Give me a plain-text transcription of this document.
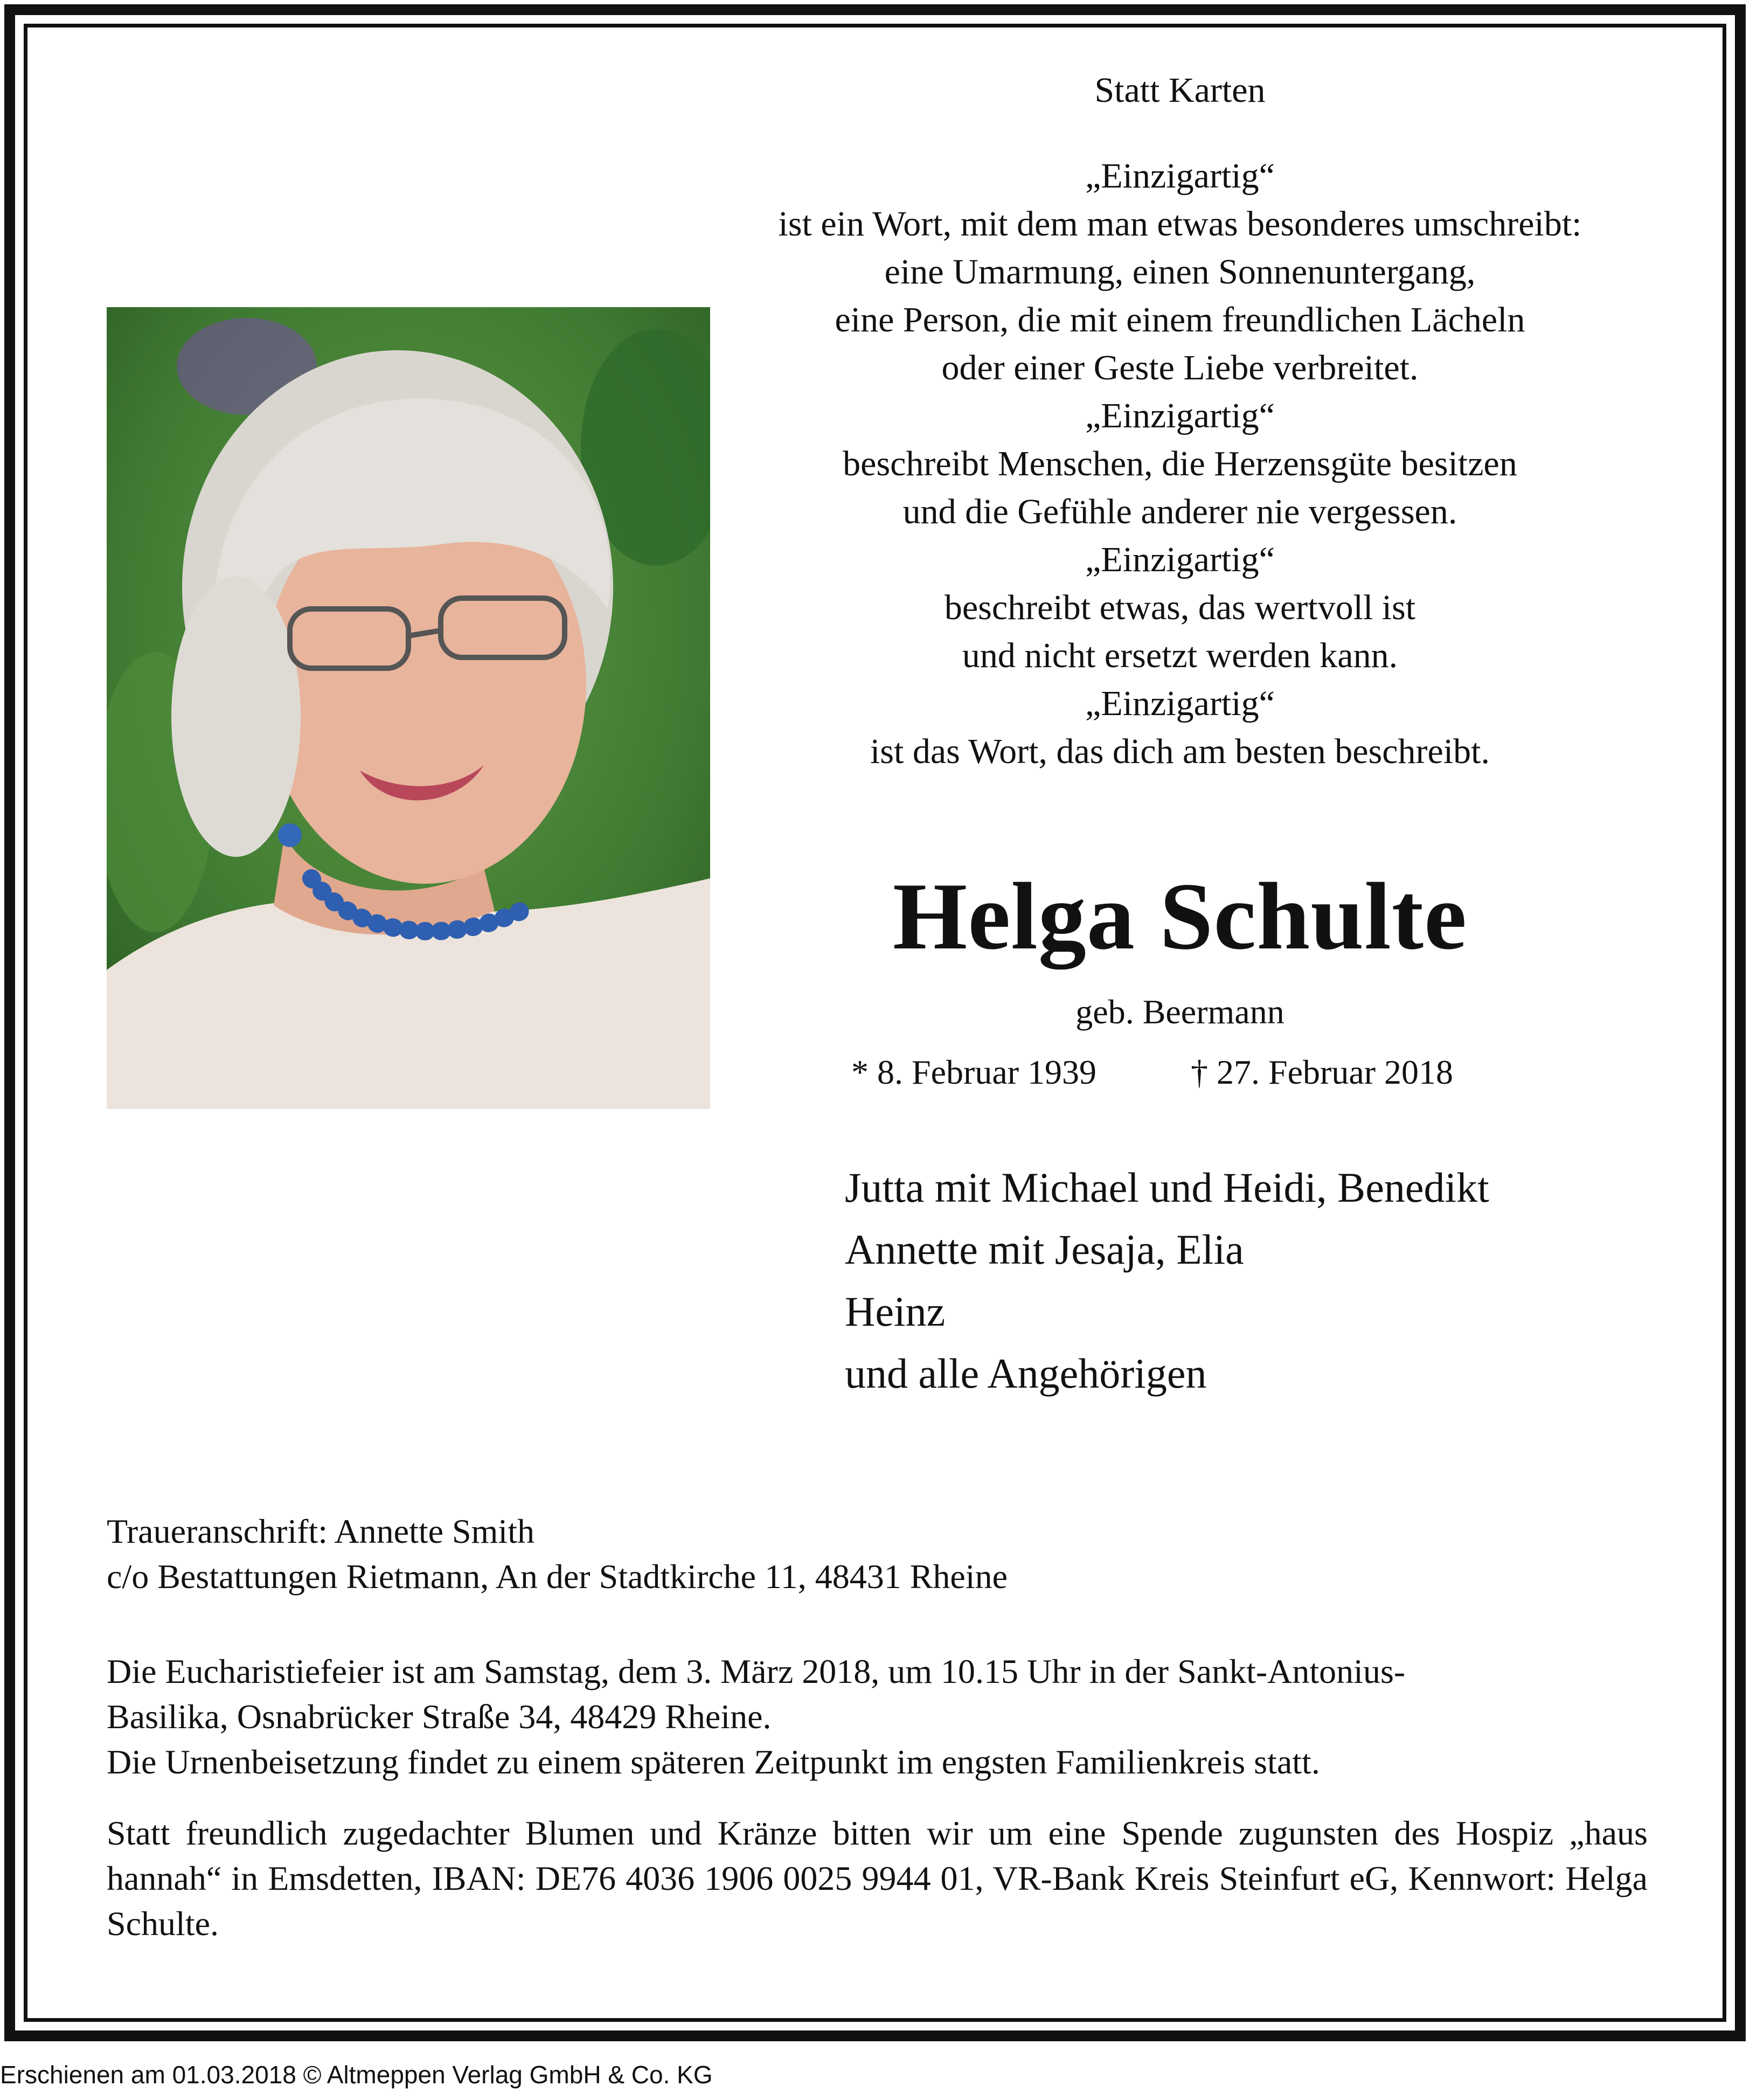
Statt Karten
„Einzigartig“
ist ein Wort, mit dem man etwas besonderes umschreibt:
eine Umarmung, einen Sonnenuntergang,
eine Person, die mit einem freundlichen Lächeln
oder einer Geste Liebe verbreitet.
„Einzigartig“
beschreibt Menschen, die Herzensgüte besitzen
und die Gefühle anderer nie vergessen.
„Einzigartig“
beschreibt etwas, das wertvoll ist
und nicht ersetzt werden kann.
„Einzigartig“
ist das Wort, das dich am besten beschreibt.
Helga Schulte
geb. Beermann
* 8. Februar 1939	† 27. Februar 2018
Jutta mit Michael und Heidi, Benedikt
Annette mit Jesaja, Elia
Heinz
und alle Angehörigen
Traueranschrift: Annette Smith
c/o Bestattungen Rietmann, An der Stadtkirche 11, 48431 Rheine
Die Eucharistiefeier ist am Samstag, dem 3. März 2018, um 10.15 Uhr in der Sankt-Antonius-
Basilika, Osnabrücker Straße 34, 48429 Rheine.
Die Urnenbeisetzung findet zu einem späteren Zeitpunkt im engsten Familienkreis statt.
Statt freundlich zugedachter Blumen und Kränze bitten wir um eine Spende zugunsten des Hospiz „haus hannah“ in Emsdetten, IBAN: DE76 4036 1906 0025 9944 01, VR-Bank Kreis Steinfurt eG, Kennwort: Helga Schulte.
Erschienen am 01.03.2018 © Altmeppen Verlag GmbH & Co. KG
